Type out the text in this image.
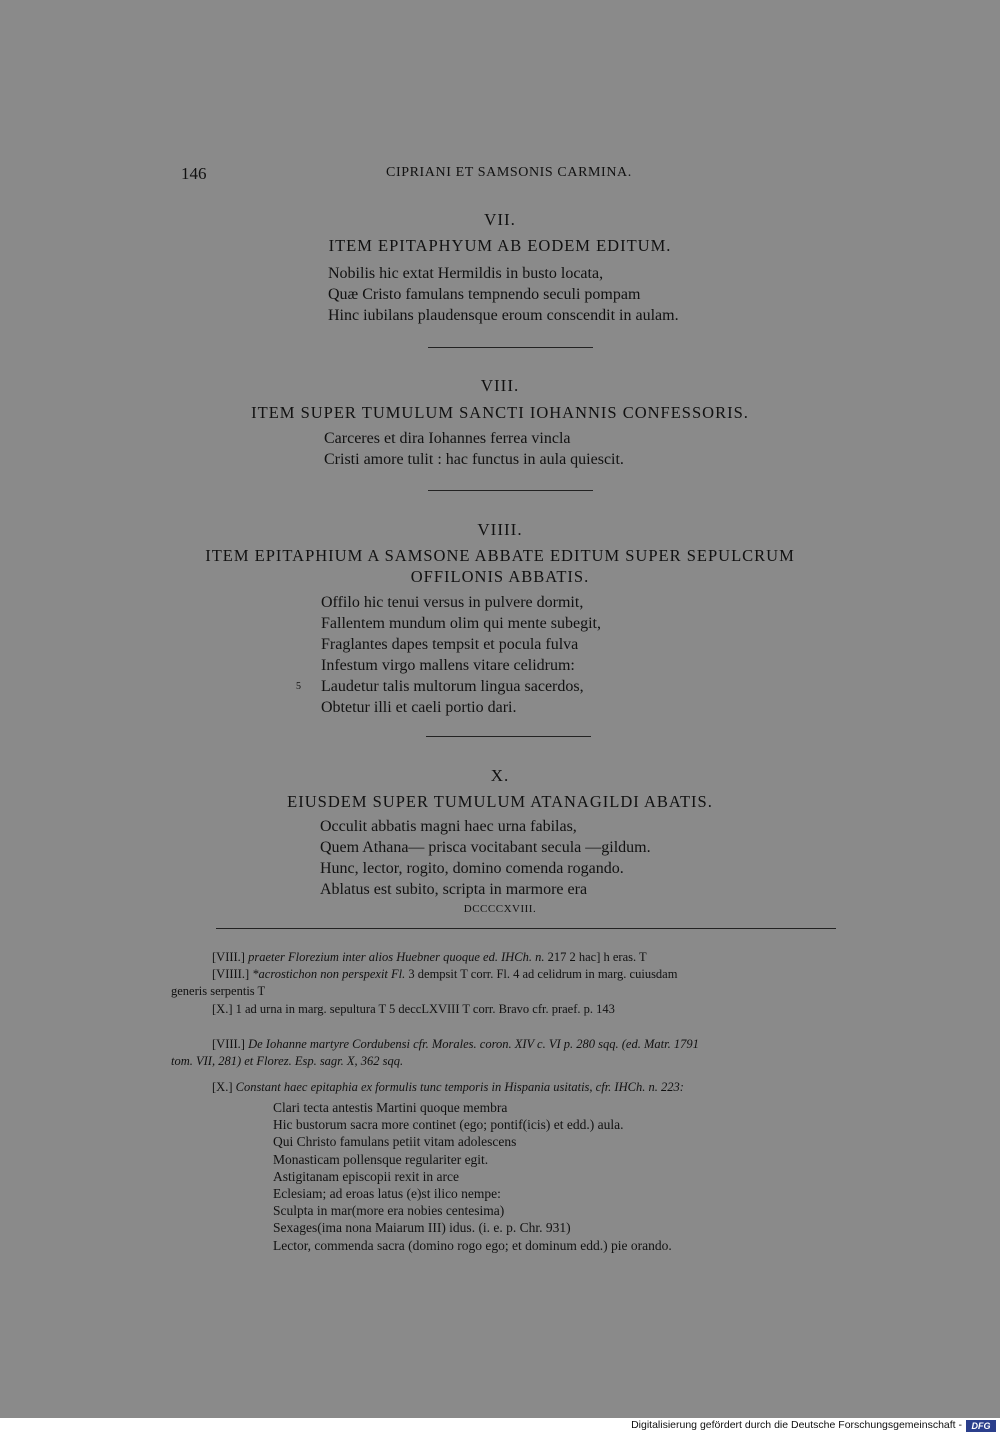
146	CIPRIANI ET SAMSONIS CARMINA.
VII.
ITEM EPITAPHYUM AB EODEM EDITUM.
Nobilis hic extat Hermildis in busto locata,
Quæ Cristo famulans tempnendo seculi pompam
Hinc iubilans plaudensque eroum conscendit in aulam.
VIII.
ITEM SUPER TUMULUM SANCTI IOHANNIS CONFESSORIS.
Carceres et dira Iohannes ferrea vincla
Cristi amore tulit : hac functus in aula quiescit.
VIIII.
ITEM EPITAPHIUM A SAMSONE ABBATE EDITUM SUPER SEPULCRUM
OFFILONIS ABBATIS.
Offilo hic tenui versus in pulvere dormit,
Fallentem mundum olim qui mente subegit,
Fraglantes dapes tempsit et pocula fulva
Infestum virgo mallens vitare celidrum:
Laudetur talis multorum lingua sacerdos,
Obtetur illi et caeli portio dari.
5
X.
EIUSDEM SUPER TUMULUM ATANAGILDI ABATIS.
Occulit abbatis magni haec urna fabilas,
Quem Athana— prisca vocitabant secula —gildum.
Hunc, lector, rogito, domino comenda rogando.
Ablatus est subito, scripta in marmore era
DCCCCXVIII.
[VIII.] praeter Florezium inter alios Huebner quoque ed. IHCh. n. 217 2 hac] h eras. T
[VIIII.] *acrostichon non perspexit Fl. 3 dempsit T corr. Fl. 4 ad celidrum in marg. cuiusdam
generis serpentis T
[X.] 1 ad urna in marg. sepultura T 5 deccLXVIII T corr. Bravo cfr. praef. p. 143
[VIII.] De Iohanne martyre Cordubensi cfr. Morales. coron. XIV c. VI p. 280 sqq. (ed. Matr. 1791
tom. VII, 281) et Florez. Esp. sagr. X, 362 sqq.
[X.] Constant haec epitaphia ex formulis tunc temporis in Hispania usitatis, cfr. IHCh. n. 223:
Clari tecta antestis Martini quoque membra
Hic bustorum sacra more continet (ego; pontif(icis) et edd.) aula.
Qui Christo famulans petiit vitam adolescens
Monasticam pollensque regulariter egit.
Astigitanam episcopii rexit in arce
Eclesiam; ad eroas latus (e)st ilico nempe:
Sculpta in mar(more era nobies centesima)
Sexages(ima nona Maiarum III) idus. (i. e. p. Chr. 931)
Lector, commenda sacra (domino rogo ego; et dominum edd.) pie orando.
Digitalisierung gefördert durch die Deutsche Forschungsgemeinschaft -	DFG
